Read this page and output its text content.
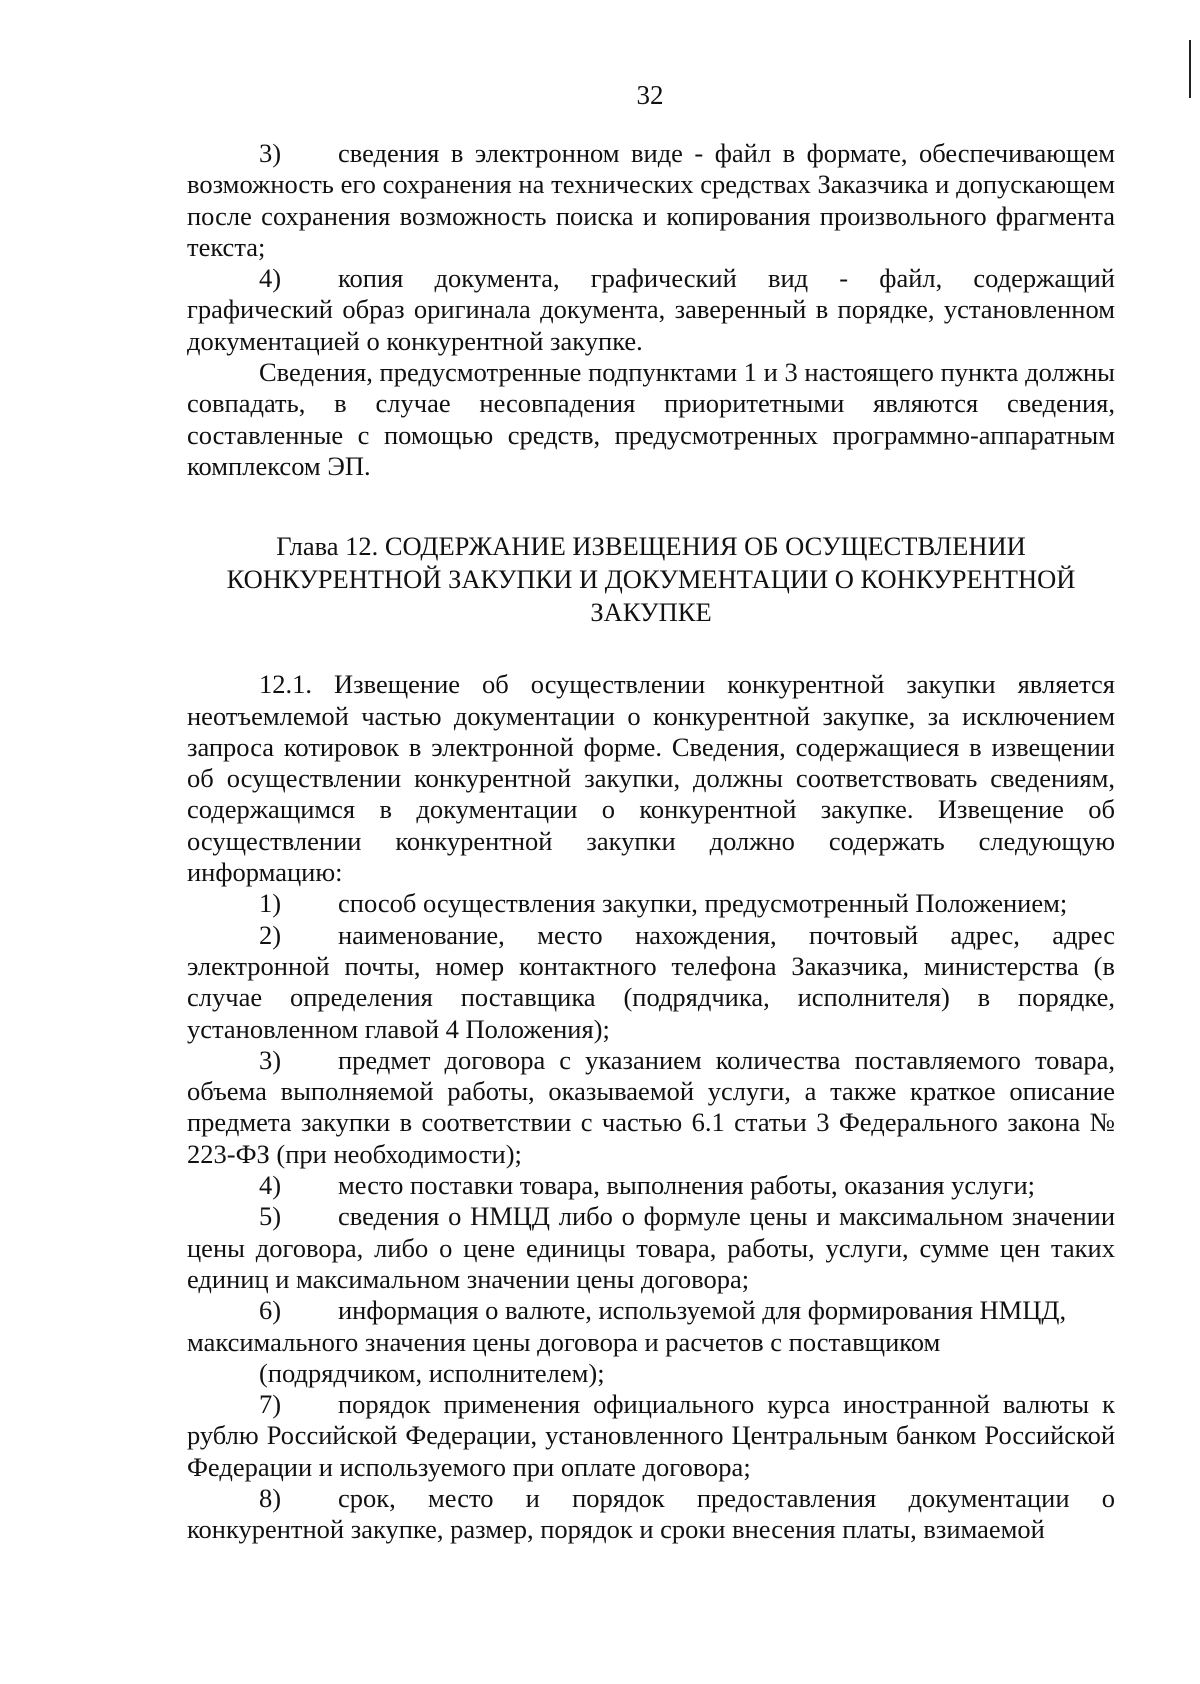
32

3) сведения в электронном виде - файл в формате, обеспечивающем возможность его сохранения на технических средствах Заказчика и допускающем после сохранения возможность поиска и копирования произвольного фрагмента текста;

4) копия документа, графический вид - файл, содержащий графический образ оригинала документа, заверенный в порядке, установленном документацией о конкурентной закупке.

Сведения, предусмотренные подпунктами 1 и 3 настоящего пункта должны совпадать, в случае несовпадения приоритетными являются сведения, составленные с помощью средств, предусмотренных программно-аппаратным комплексом ЭП.

Глава 12. СОДЕРЖАНИЕ ИЗВЕЩЕНИЯ ОБ ОСУЩЕСТВЛЕНИИ
КОНКУРЕНТНОЙ ЗАКУПКИ И ДОКУМЕНТАЦИИ О КОНКУРЕНТНОЙ
ЗАКУПКЕ

12.1. Извещение об осуществлении конкурентной закупки является неотъемлемой частью документации о конкурентной закупке, за исключением запроса котировок в электронной форме. Сведения, содержащиеся в извещении об осуществлении конкурентной закупки, должны соответствовать сведениям, содержащимся в документации о конкурентной закупке. Извещение об осуществлении конкурентной закупки должно содержать следующую информацию:

1) способ осуществления закупки, предусмотренный Положением;

2) наименование, место нахождения, почтовый адрес, адрес электронной почты, номер контактного телефона Заказчика, министерства (в случае определения поставщика (подрядчика, исполнителя) в порядке, установленном главой 4 Положения);

3) предмет договора с указанием количества поставляемого товара, объема выполняемой работы, оказываемой услуги, а также краткое описание предмета закупки в соответствии с частью 6.1 статьи 3 Федерального закона № 223-ФЗ (при необходимости);

4) место поставки товара, выполнения работы, оказания услуги;

5) сведения о НМЦД либо о формуле цены и максимальном значении цены договора, либо о цене единицы товара, работы, услуги, сумме цен таких единиц и максимальном значении цены договора;

6) информация о валюте, используемой для формирования НМЦД, максимального значения цены договора и расчетов с поставщиком

(подрядчиком, исполнителем);

7) порядок применения официального курса иностранной валюты к рублю Российской Федерации, установленного Центральным банком Российской Федерации и используемого при оплате договора;

8) срок, место и порядок предоставления документации о конкурентной закупке, размер, порядок и сроки внесения платы, взимаемой
